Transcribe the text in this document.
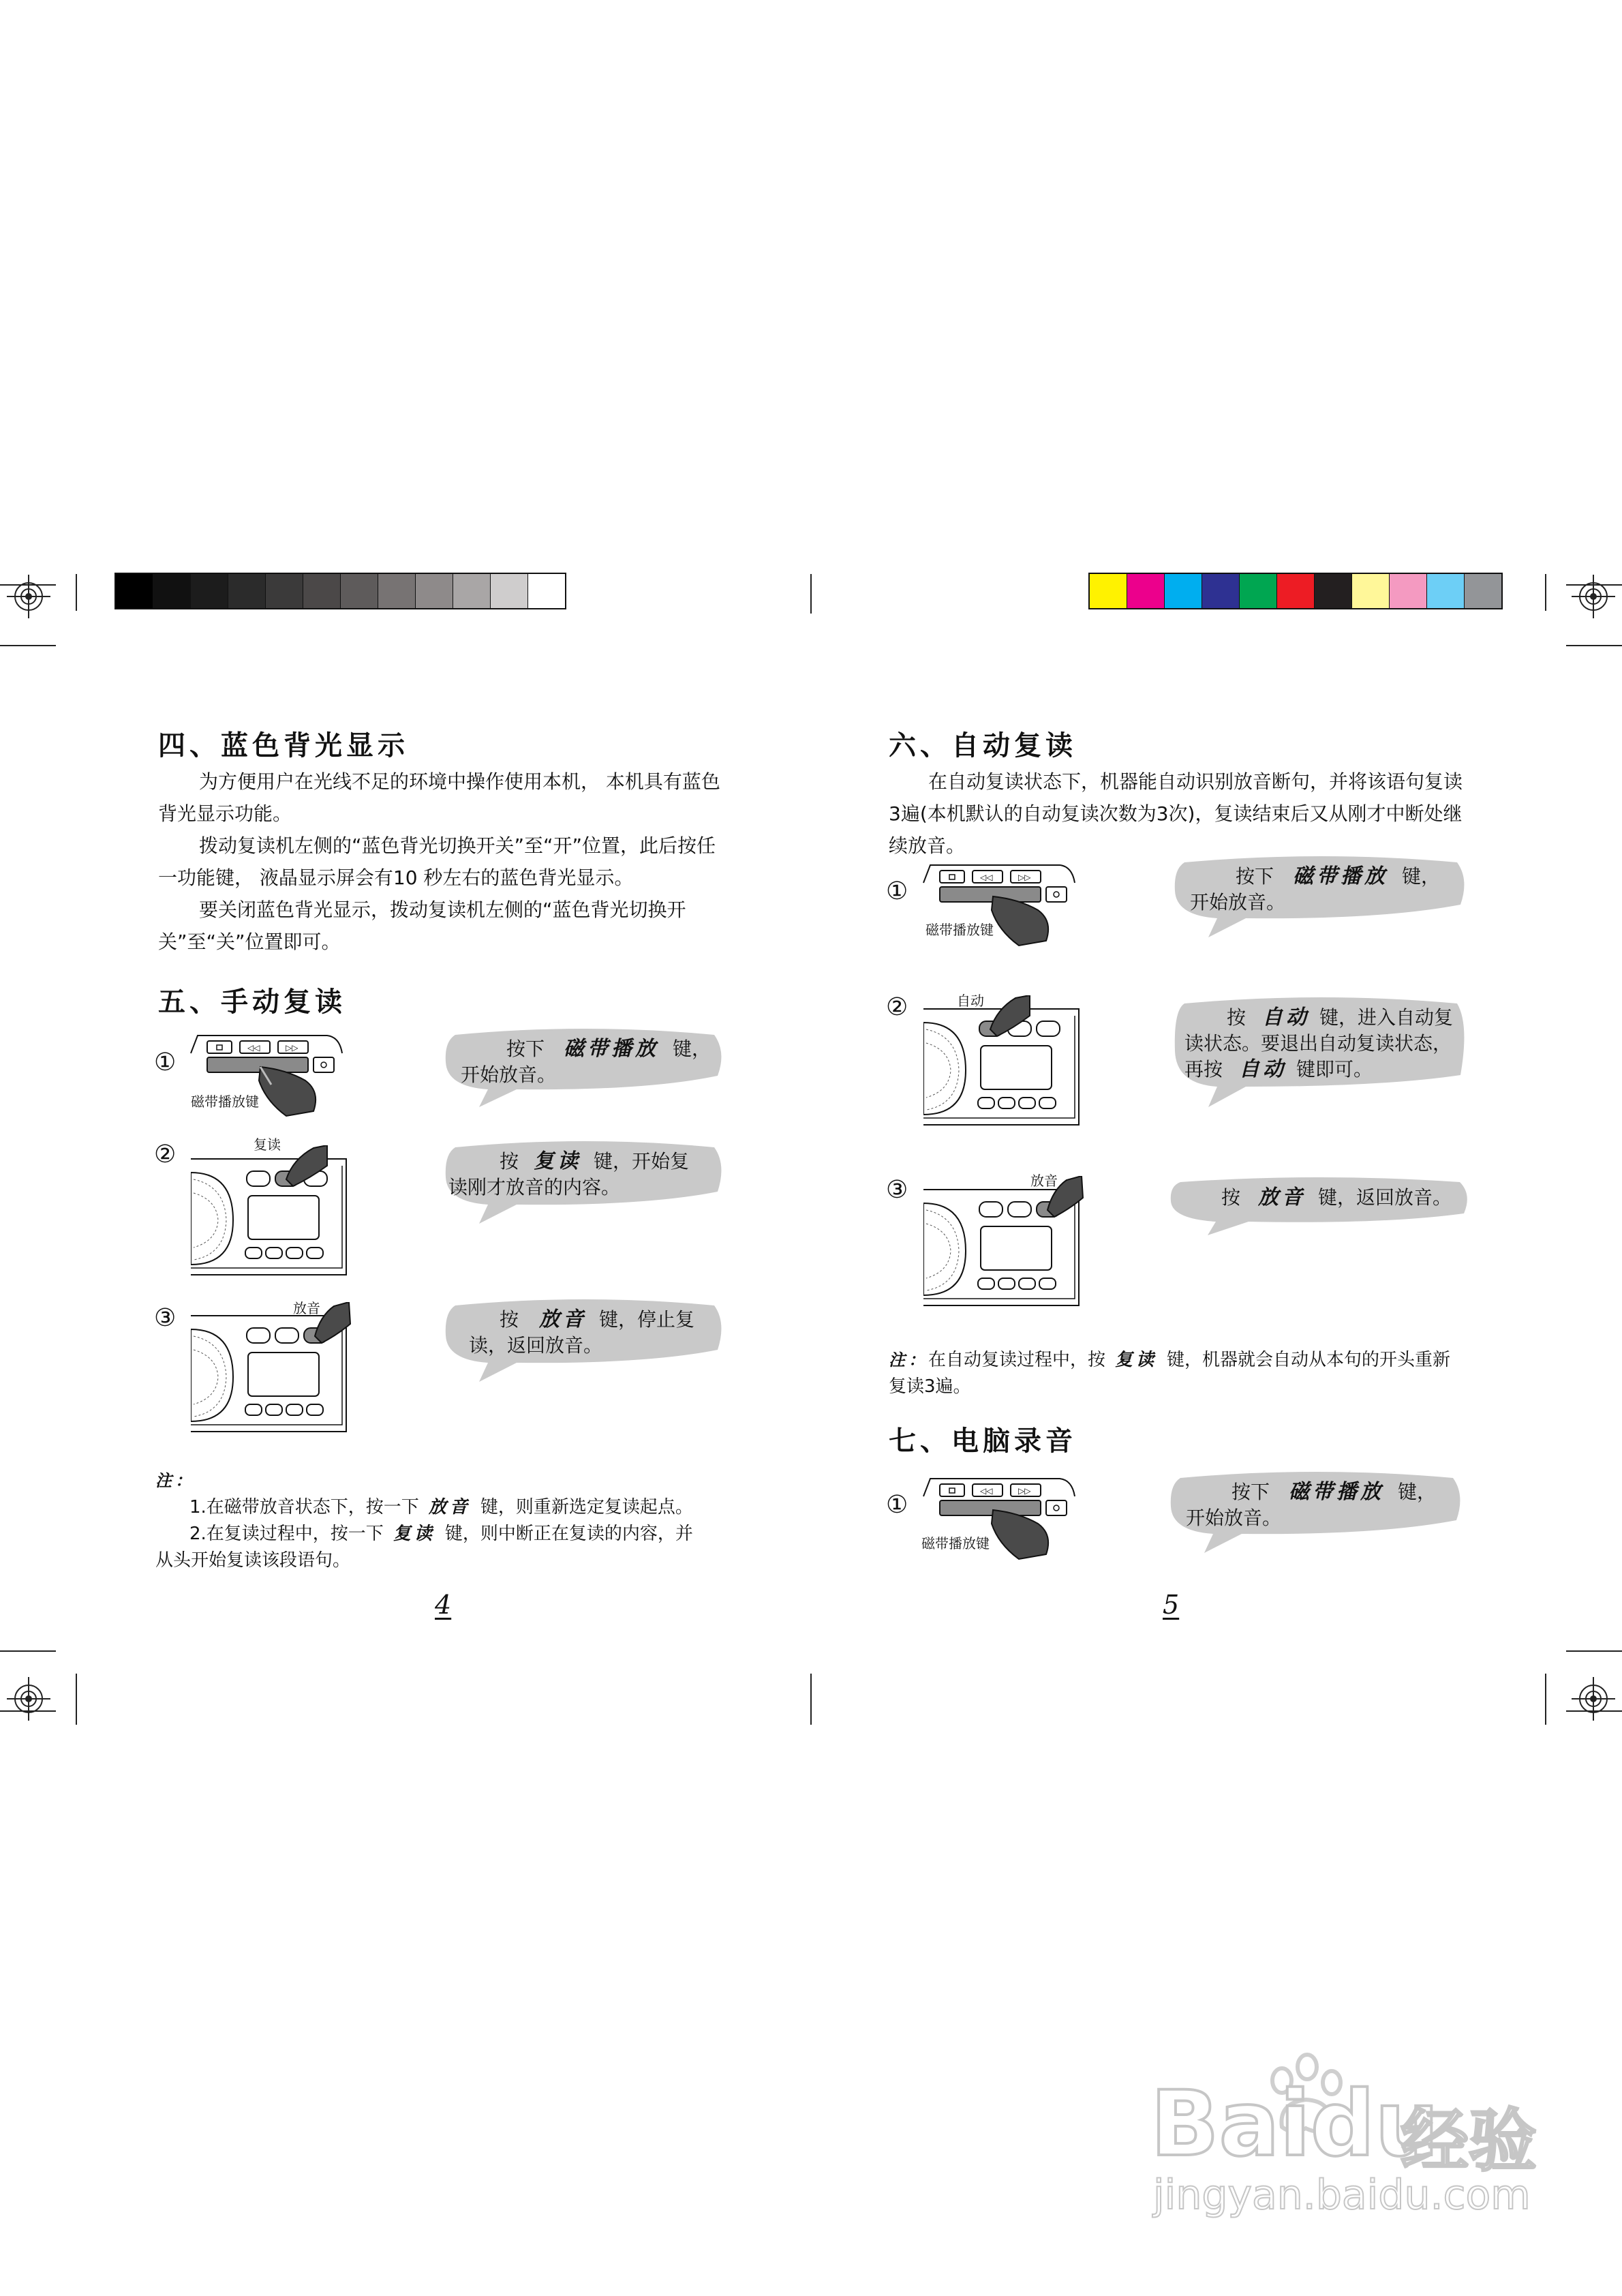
四、蓝色背光显示

为方便用户在光线不足的环境中操作使用本机， 本机具有蓝色背光显示功能。

拨动复读机左侧的“蓝色背光切换开关”至“开”位置，此后按任一功能键， 液晶显示屏会有10 秒左右的蓝色背光显示。

要关闭蓝色背光显示，拨动复读机左侧的“蓝色背光切换开关”至“关”位置即可。

五、手动复读
①
◁◁	▷▷
磁带播放键
按下 磁带播放 键，
开始放音。
②	复读
按 复读 键，开始复
读刚才放音的内容。
③	放音	按 放音 键，停止复
读，返回放音。

注：

1.在磁带放音状态下，按一下 放音 键，则重新选定复读起点。

2.在复读过程中，按一下 复读 键，则中断正在复读的内容，并

从头开始复读该段语句。

4
六、自动复读
在自动复读状态下，机器能自动识别放音断句，并将该语句复读3遍(本机默认的自动复读次数为3次)，复读结束后又从刚才中断处继续放音。
①	◁◁	▷▷
磁带播放键
按下 磁带播放 键，
开始放音。
②	自动
按 自动 键，进入自动复
读状态。要退出自动复读状态，
再按 自动 键即可。
③	放音
按 放音 键，返回放音。

注：在自动复读过程中，按 复读 键，机器就会自动从本句的开头重新

复读3遍。

七、电脑录音
①	◁◁	▷▷
磁带播放键
按下 磁带播放 键，
开始放音。
5
Baidu
经验
jingyan.baidu.com
